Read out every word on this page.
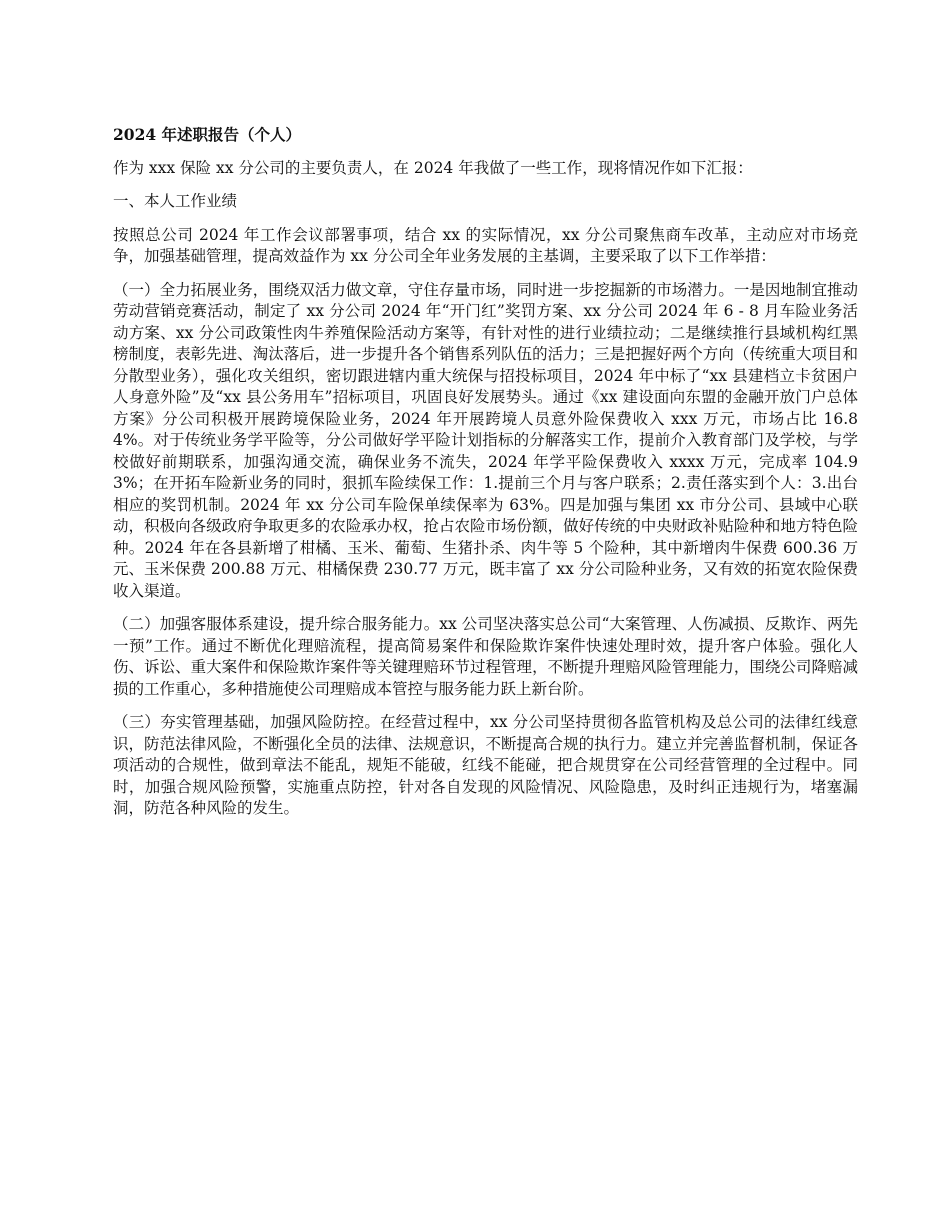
2024 年述职报告（个人）

作为 xxx 保险 xx 分公司的主要负责人，在 2024 年我做了一些工作，现将情况作如下汇报：

一、本人工作业绩

按照总公司 2024 年工作会议部署事项，结合 xx 的实际情况，xx 分公司聚焦商车改革，主动应对市场竞争，加强基础管理，提高效益作为 xx 分公司全年业务发展的主基调，主要采取了以下工作举措：

（一）全力拓展业务，围绕双活力做文章，守住存量市场，同时进一步挖掘新的市场潜力。一是因地制宜推动劳动营销竞赛活动，制定了 xx 分公司 2024 年“开门红”奖罚方案、xx 分公司 2024 年 6 - 8 月车险业务活动方案、xx 分公司政策性肉牛养殖保险活动方案等，有针对性的进行业绩拉动；二是继续推行县域机构红黑榜制度，表彰先进、淘汰落后，进一步提升各个销售系列队伍的活力；三是把握好两个方向（传统重大项目和分散型业务），强化攻关组织，密切跟进辖内重大统保与招投标项目，2024 年中标了“xx 县建档立卡贫困户人身意外险”及“xx 县公务用车”招标项目，巩固良好发展势头。通过《xx 建设面向东盟的金融开放门户总体方案》分公司积极开展跨境保险业务，2024 年开展跨境人员意外险保费收入 xxx 万元，市场占比 16.84%。对于传统业务学平险等，分公司做好学平险计划指标的分解落实工作，提前介入教育部门及学校，与学校做好前期联系，加强沟通交流，确保业务不流失，2024 年学平险保费收入 xxxx 万元，完成率 104.93%；在开拓车险新业务的同时，狠抓车险续保工作：1.提前三个月与客户联系；2.责任落实到个人：3.出台相应的奖罚机制。2024 年 xx 分公司车险保单续保率为 63%。四是加强与集团 xx 市分公司、县域中心联动，积极向各级政府争取更多的农险承办权，抢占农险市场份额，做好传统的中央财政补贴险种和地方特色险种。2024 年在各县新增了柑橘、玉米、葡萄、生猪扑杀、肉牛等 5 个险种，其中新增肉牛保费 600.36 万元、玉米保费 200.88 万元、柑橘保费 230.77 万元，既丰富了 xx 分公司险种业务，又有效的拓宽农险保费收入渠道。

（二）加强客服体系建设，提升综合服务能力。xx 公司坚决落实总公司“大案管理、人伤减损、反欺诈、两先一预”工作。通过不断优化理赔流程，提高简易案件和保险欺诈案件快速处理时效，提升客户体验。强化人伤、诉讼、重大案件和保险欺诈案件等关键理赔环节过程管理，不断提升理赔风险管理能力，围绕公司降赔减损的工作重心，多种措施使公司理赔成本管控与服务能力跃上新台阶。

（三）夯实管理基础，加强风险防控。在经营过程中，xx 分公司坚持贯彻各监管机构及总公司的法律红线意识，防范法律风险，不断强化全员的法律、法规意识，不断提高合规的执行力。建立并完善监督机制，保证各项活动的合规性，做到章法不能乱，规矩不能破，红线不能碰，把合规贯穿在公司经营管理的全过程中。同时，加强合规风险预警，实施重点防控，针对各自发现的风险情况、风险隐患，及时纠正违规行为，堵塞漏洞，防范各种风险的发生。
